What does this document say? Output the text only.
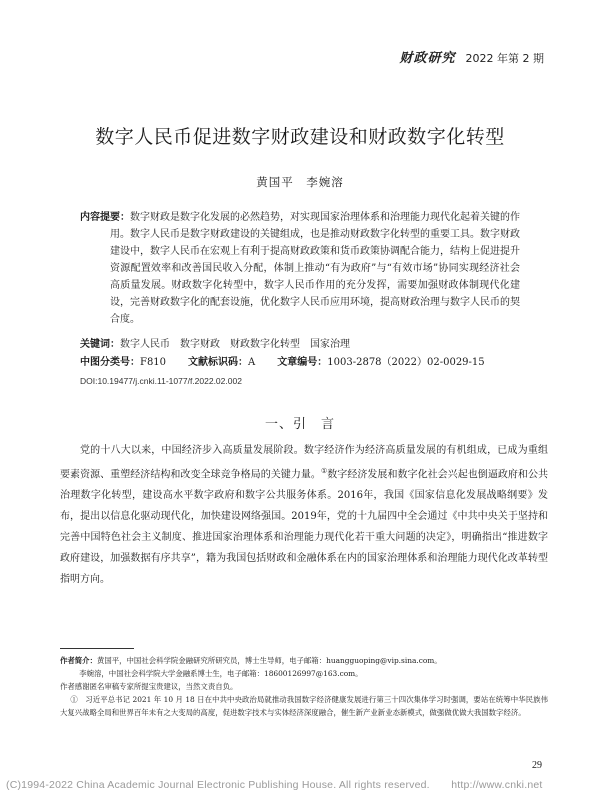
财政研究 2022 年第 2 期
数字人民币促进数字财政建设和财政数字化转型
黄国平　李婉溶
内容提要：数字财政是数字化发展的必然趋势，对实现国家治理体系和治理能力现代化起着关键的作用。数字人民币是数字财政建设的关键组成，也是推动财政数字化转型的重要工具。数字财政建设中，数字人民币在宏观上有利于提高财政政策和货币政策协调配合能力，结构上促进提升资源配置效率和改善国民收入分配，体制上推动“有为政府”与“有效市场”协同实现经济社会高质量发展。财政数字化转型中，数字人民币作用的充分发挥，需要加强财政体制现代化建设，完善财政数字化的配套设施，优化数字人民币应用环境，提高财政治理与数字人民币的契合度。
关键词：数字人民币　数字财政　财政数字化转型　国家治理
中图分类号：F810 文献标识码：A 文章编号：1003-2878（2022）02-0029-15
DOI:10.19477/j.cnki.11-1077/f.2022.02.002
一、引　言
党的十八大以来，中国经济步入高质量发展阶段。数字经济作为经济高质量发展的有机组成，已成为重组要素资源、重塑经济结构和改变全球竞争格局的关键力量。①数字经济发展和数字化社会兴起也倒逼政府和公共治理数字化转型，建设高水平数字政府和数字公共服务体系。2016年，我国《国家信息化发展战略纲要》发布，提出以信息化驱动现代化，加快建设网络强国。2019年，党的十九届四中全会通过《中共中央关于坚持和完善中国特色社会主义制度、推进国家治理体系和治理能力现代化若干重大问题的决定》，明确指出“推进数字政府建设，加强数据有序共享”，籍为我国包括财政和金融体系在内的国家治理体系和治理能力现代化改革转型指明方向。
作者简介：黄国平，中国社会科学院金融研究所研究员，博士生导师，电子邮箱：huangguoping@vip.sina.com。
李婉溶，中国社会科学院大学金融系博士生，电子邮箱：18600126997@163.com。
作者感谢匿名审稿专家所提宝贵建议，当然文责自负。
①　 习近平总书记 2021 年 10 月 18 日在中共中央政治局就推动我国数字经济健康发展进行第三十四次集体学习时强调，要站在统筹中华民族伟大复兴战略全局和世界百年未有之大变局的高度，促进数字技术与实体经济深度融合，催生新产业新业态新模式，做强做优做大我国数字经济。
29
(C)1994-2022 China Academic Journal Electronic Publishing House. All rights reserved.　　http://www.cnki.net
